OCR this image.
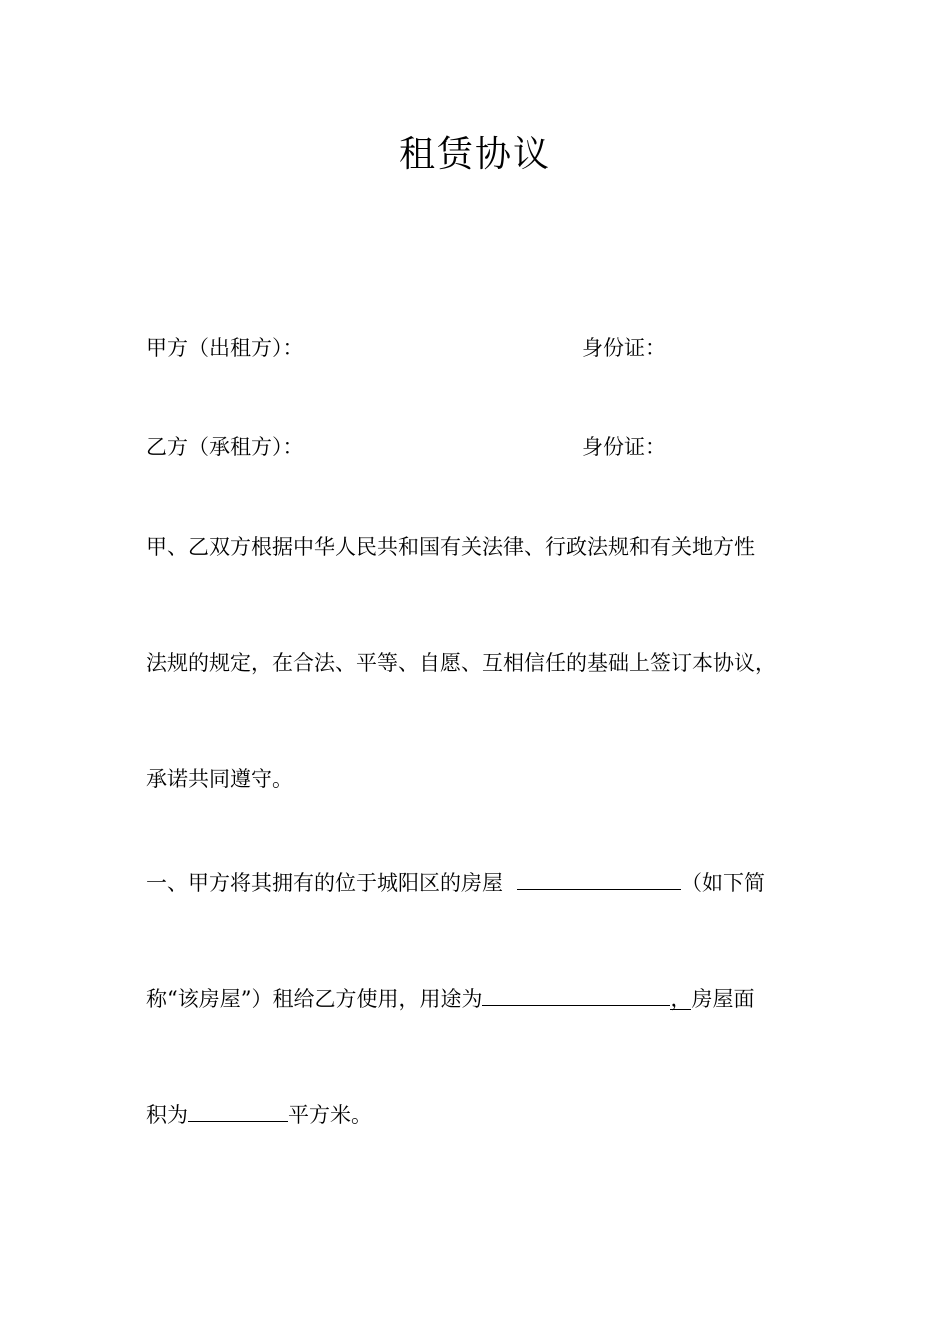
租赁协议
甲方（出租方）：	身份证：
乙方（承租方）：	身份证：
甲、乙双方根据中华人民共和国有关法律、行政法规和有关地方性
法规的规定，在合法、平等、自愿、互相信任的基础上签订本协议，
承诺共同遵守。
一、甲方将其拥有的位于城阳区的房屋	（如下简
称“该房屋”）租给乙方使用，用途为	，房屋面
积为	平方米。
